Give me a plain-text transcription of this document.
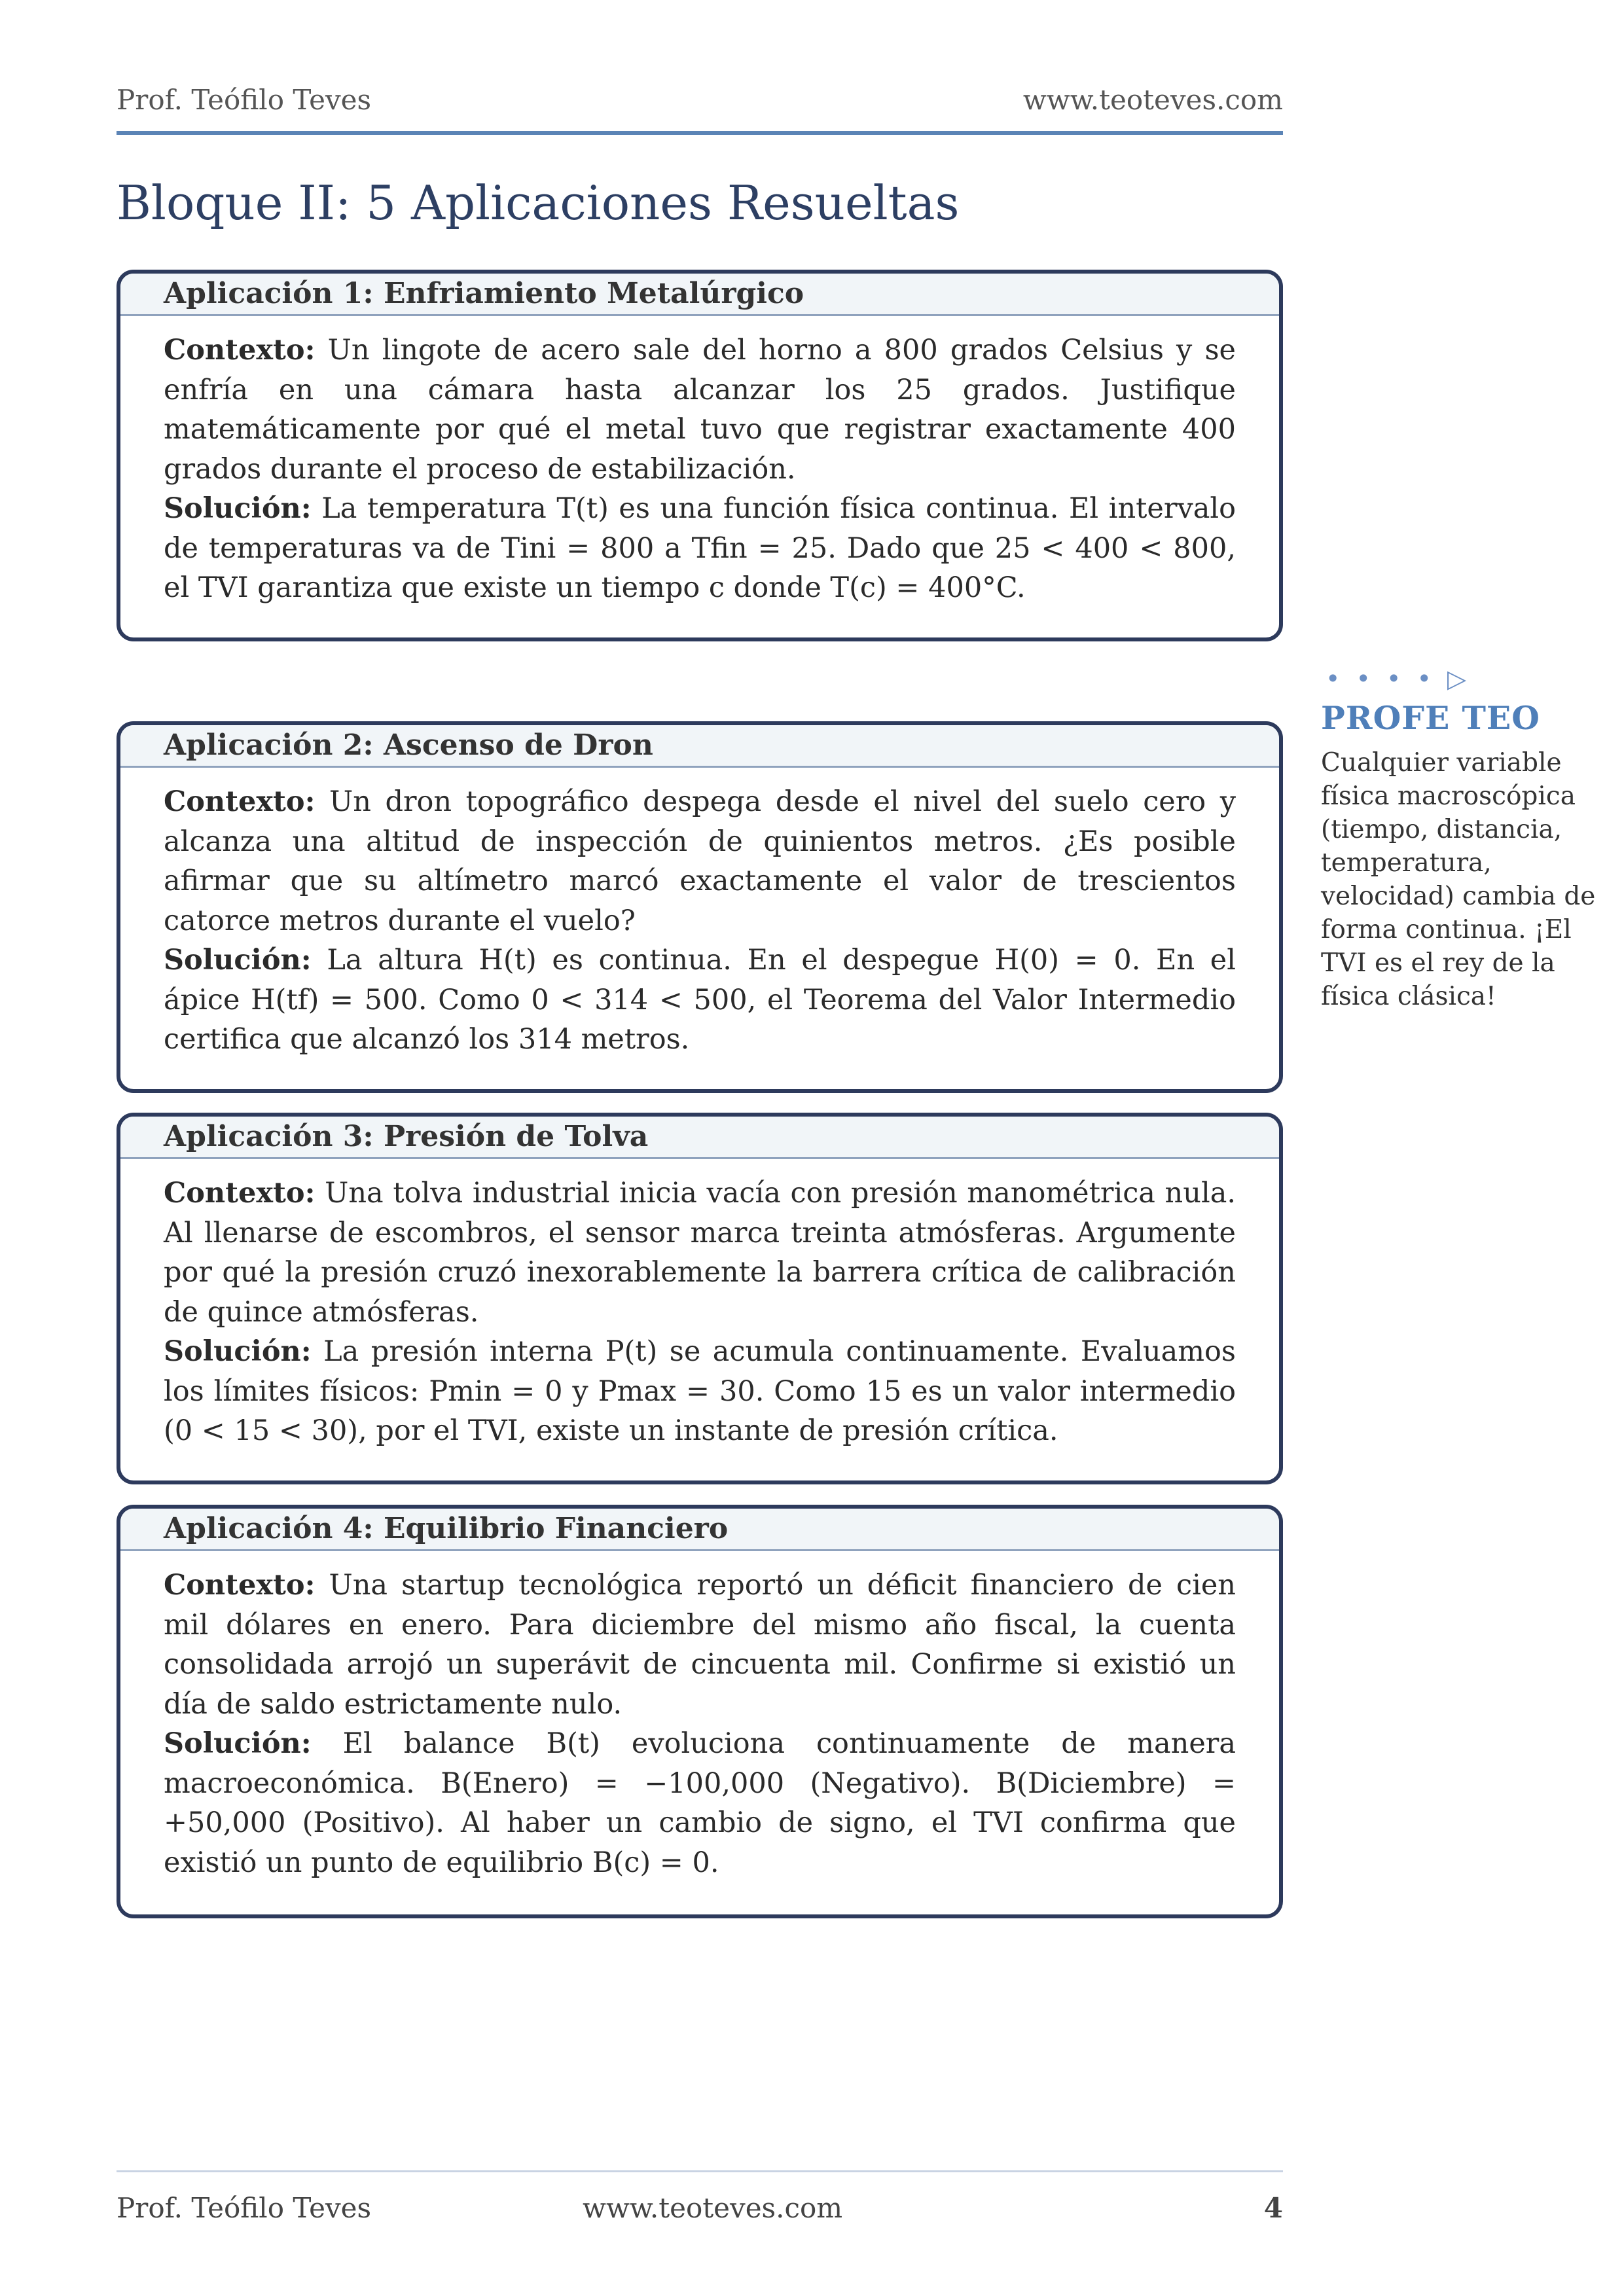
Prof. Teófilo Teves	www.teoteves.com
Bloque II: 5 Aplicaciones Resueltas
Aplicación 1: Enfriamiento Metalúrgico

Contexto: Un lingote de acero sale del horno a 800 grados Celsius y se enfría en una cámara hasta alcanzar los 25 grados. Justifique matemáticamente por qué el metal tuvo que registrar exactamente 400 grados durante el proceso de estabilización.

Solución: La temperatura T(t) es una función física continua. El intervalo de temperaturas va de Tini = 800 a Tfin = 25. Dado que 25 < 400 < 800, el TVI garantiza que existe un tiempo c donde T(c) = 400°C.

Aplicación 2: Ascenso de Dron

Contexto: Un dron topográfico despega desde el nivel del suelo cero y alcanza una altitud de inspección de quinientos metros. ¿Es posible afirmar que su altímetro marcó exactamente el valor de trescientos catorce metros durante el vuelo?

Solución: La altura H(t) es continua. En el despegue H(0) = 0. En el ápice H(tf) = 500. Como 0 < 314 < 500, el Teorema del Valor Intermedio certifica que alcanzó los 314 metros.

Aplicación 3: Presión de Tolva

Contexto: Una tolva industrial inicia vacía con presión manométrica nula. Al llenarse de escombros, el sensor marca treinta atmósferas. Argumente por qué la presión cruzó inexorablemente la barrera crítica de calibración de quince atmósferas.

Solución: La presión interna P(t) se acumula continuamente. Evaluamos los límites físicos: Pmin = 0 y Pmax = 30. Como 15 es un valor intermedio (0 < 15 < 30), por el TVI, existe un instante de presión crítica.

Aplicación 4: Equilibrio Financiero

Contexto: Una startup tecnológica reportó un déficit financiero de cien mil dólares en enero. Para diciembre del mismo año fiscal, la cuenta consolidada arrojó un superávit de cincuenta mil. Confirme si existió un día de saldo estrictamente nulo.

Solución: El balance B(t) evoluciona continuamente de manera macroeconómica. B(Enero) = −100,000 (Negativo). B(Diciembre) = +50,000 (Positivo). Al haber un cambio de signo, el TVI confirma que existió un punto de equilibrio B(c) = 0.

• • • • ▷
PROFE TEO
Cualquier variable física macroscópica (tiempo, distancia, temperatura, velocidad) cambia de forma continua. ¡El TVI es el rey de la física clásica!
Prof. Teófilo Teves	www.teoteves.com	4
